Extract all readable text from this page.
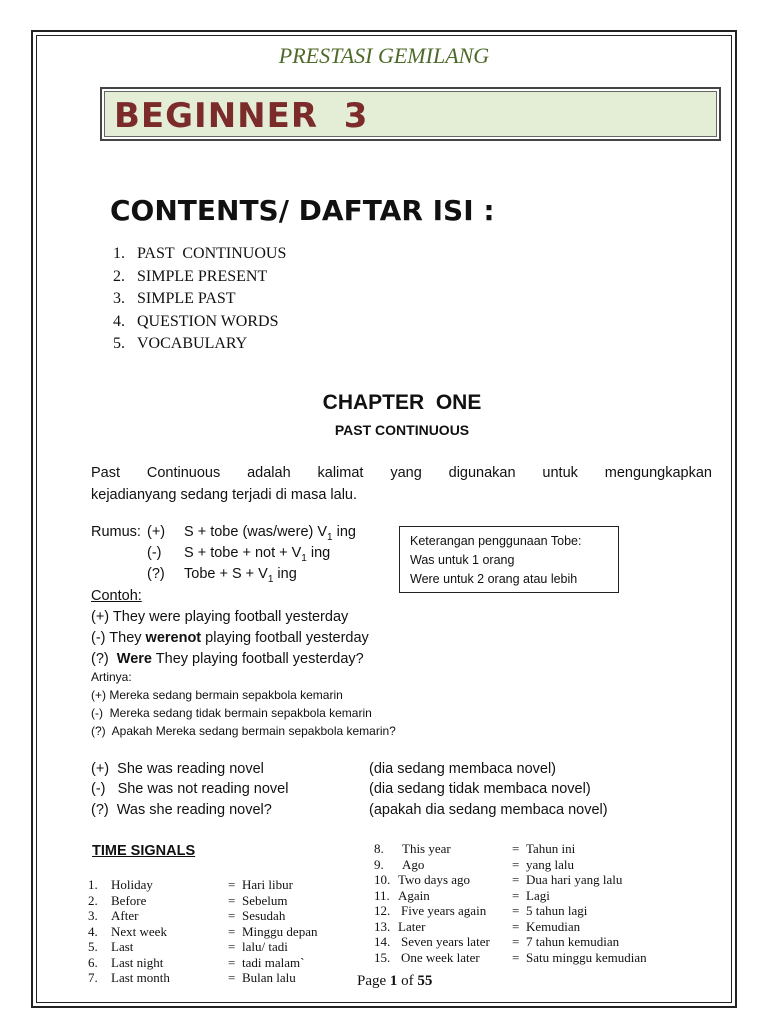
PRESTASI GEMILANG
BEGINNER  3
CONTENTS/ DAFTAR ISI :
1. PAST  CONTINUOUS
2. SIMPLE PRESENT
3. SIMPLE PAST
4. QUESTION WORDS
5. VOCABULARY
CHAPTER  ONE
PAST CONTINUOUS
Past Continuous adalah kalimat yang digunakan untuk mengungkapkan
kejadianyang sedang terjadi di masa lalu.
Rumus: (+) S + tobe (was/were) $V_1$ ing
(-) S + tobe + not + $V_1$ ing
(?) Tobe + $S + V_1$ ing
Keterangan penggunaan Tobe:
Was untuk 1 orang
Were untuk 2 orang atau lebih
Contoh:
(+) They were playing football yesterday
(-) They werenot playing football yesterday
(?) Were They playing football yesterday?
Artinya:
(+) Mereka sedang bermain sepakbola kemarin
(-)  Mereka sedang tidak bermain sepakbola kemarin
(?)  Apakah Mereka sedang bermain sepakbola kemarin?
(+)  She was reading novel	(dia sedang membaca novel)
(-)   She was not reading novel	(dia sedang tidak membaca novel)
(?)  Was she reading novel?	(apakah dia sedang membaca novel)
TIME SIGNALS
1. Holiday	= Hari libur
2. Before	= Sebelum
3. After	= Sesudah
4. Next week	= Minggu depan
5. Last	= lalu/ tadi
6. Last night	= tadi malam`
7. Last month	= Bulan lalu
8. This year	= Tahun ini
9. Ago	= yang lalu
10. Two days ago	= Dua hari yang lalu
11. Again	= Lagi
12. Five years again = 5 tahun lagi
13. Later	= Kemudian
14. Seven years later = 7 tahun kemudian
15. One week later = Satu minggu kemudian
Page 1 of 55
